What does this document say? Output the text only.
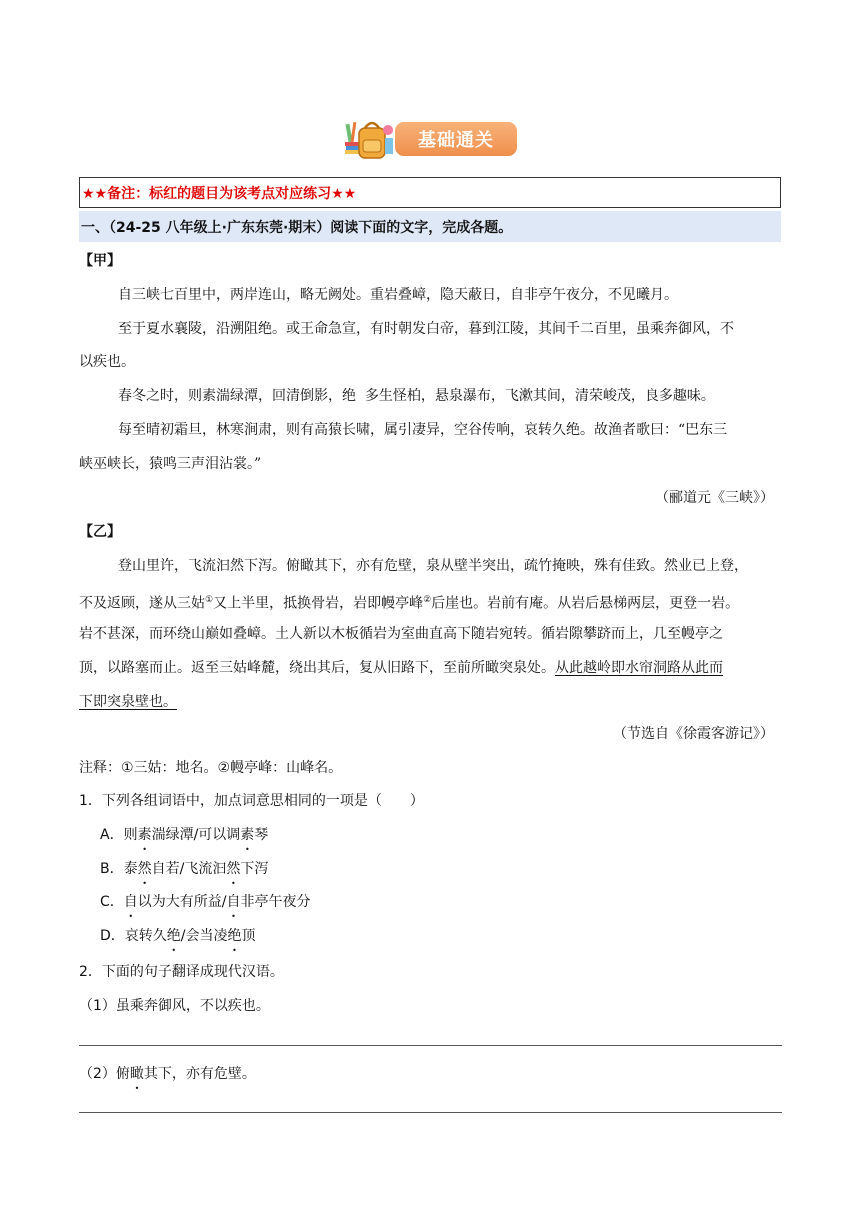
基础通关
★★备注：标红的题目为该考点对应练习★★
一、（24-25 八年级上·广东东莞·期末）阅读下面的文字，完成各题。
【甲】
自三峡七百里中，两岸连山，略无阙处。重岩叠嶂，隐天蔽日，自非亭午夜分，不见曦月。
至于夏水襄陵，沿溯阻绝。或王命急宣，有时朝发白帝，暮到江陵，其间千二百里，虽乘奔御风，不
以疾也。
春冬之时，则素湍绿潭，回清倒影，绝  多生怪柏，悬泉瀑布，飞漱其间，清荣峻茂，良多趣味。
每至晴初霜旦，林寒涧肃，则有高猿长啸，属引凄异，空谷传响，哀转久绝。故渔者歌曰：“巴东三
峡巫峡长，猿鸣三声泪沾裳。”
（郦道元《三峡》）
【乙】
登山里许，飞流汩然下泻。俯瞰其下，亦有危壁，泉从壁半突出，疏竹掩映，殊有佳致。然业已上登，
不及返顾，遂从三姑①又上半里，抵换骨岩，岩即幔亭峰②后崖也。岩前有庵。从岩后悬梯两层，更登一岩。
岩不甚深，而环绕山巅如叠嶂。土人新以木板循岩为室曲直高下随岩宛转。循岩隙攀跻而上，几至幔亭之
顶，以路塞而止。返至三姑峰麓，绕出其后，复从旧路下，至前所瞰突泉处。从此越岭即水帘洞路从此而
下即突泉壁也。
（节选自《徐霞客游记》）
注释：①三姑：地名。②幔亭峰：山峰名。
1．下列各组词语中，加点词意思相同的一项是（　　）
A．则素湍绿潭/可以调素琴
B．泰然自若/飞流汩然下泻
C．自以为大有所益/自非亭午夜分
D．哀转久绝/会当凌绝顶
2．下面的句子翻译成现代汉语。
（1）虽乘奔御风，不以疾也。
（2）俯瞰其下，亦有危壁。
